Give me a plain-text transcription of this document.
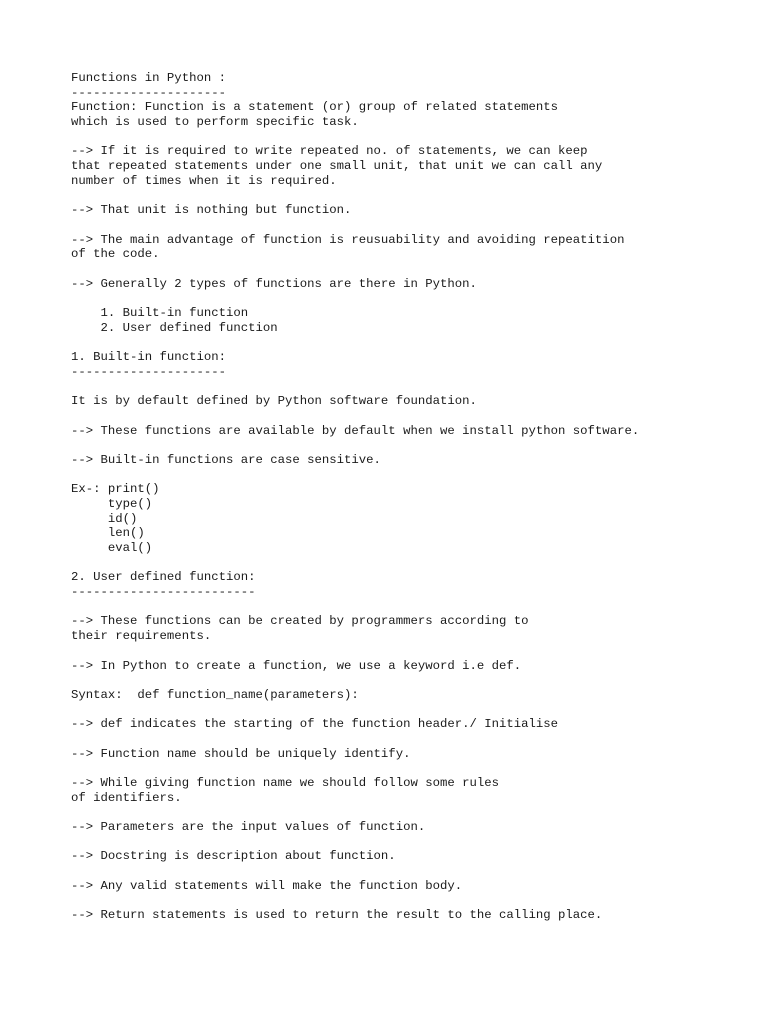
Functions in Python :
---------------------
Function: Function is a statement (or) group of related statements
which is used to perform specific task.
--> If it is required to write repeated no. of statements, we can keep
that repeated statements under one small unit, that unit we can call any
number of times when it is required.
--> That unit is nothing but function.
--> The main advantage of function is reusuability and avoiding repeatition
of the code.
--> Generally 2 types of functions are there in Python.
1. Built-in function
2. User defined function
1. Built-in function:
---------------------
It is by default defined by Python software foundation.
--> These functions are available by default when we install python software.
--> Built-in functions are case sensitive.
Ex-: print()
type()
id()
len()
eval()
2. User defined function:
-------------------------
--> These functions can be created by programmers according to
their requirements.
--> In Python to create a function, we use a keyword i.e def.
Syntax:  def function_name(parameters):
--> def indicates the starting of the function header./ Initialise
--> Function name should be uniquely identify.
--> While giving function name we should follow some rules
of identifiers.
--> Parameters are the input values of function.
--> Docstring is description about function.
--> Any valid statements will make the function body.
--> Return statements is used to return the result to the calling place.
